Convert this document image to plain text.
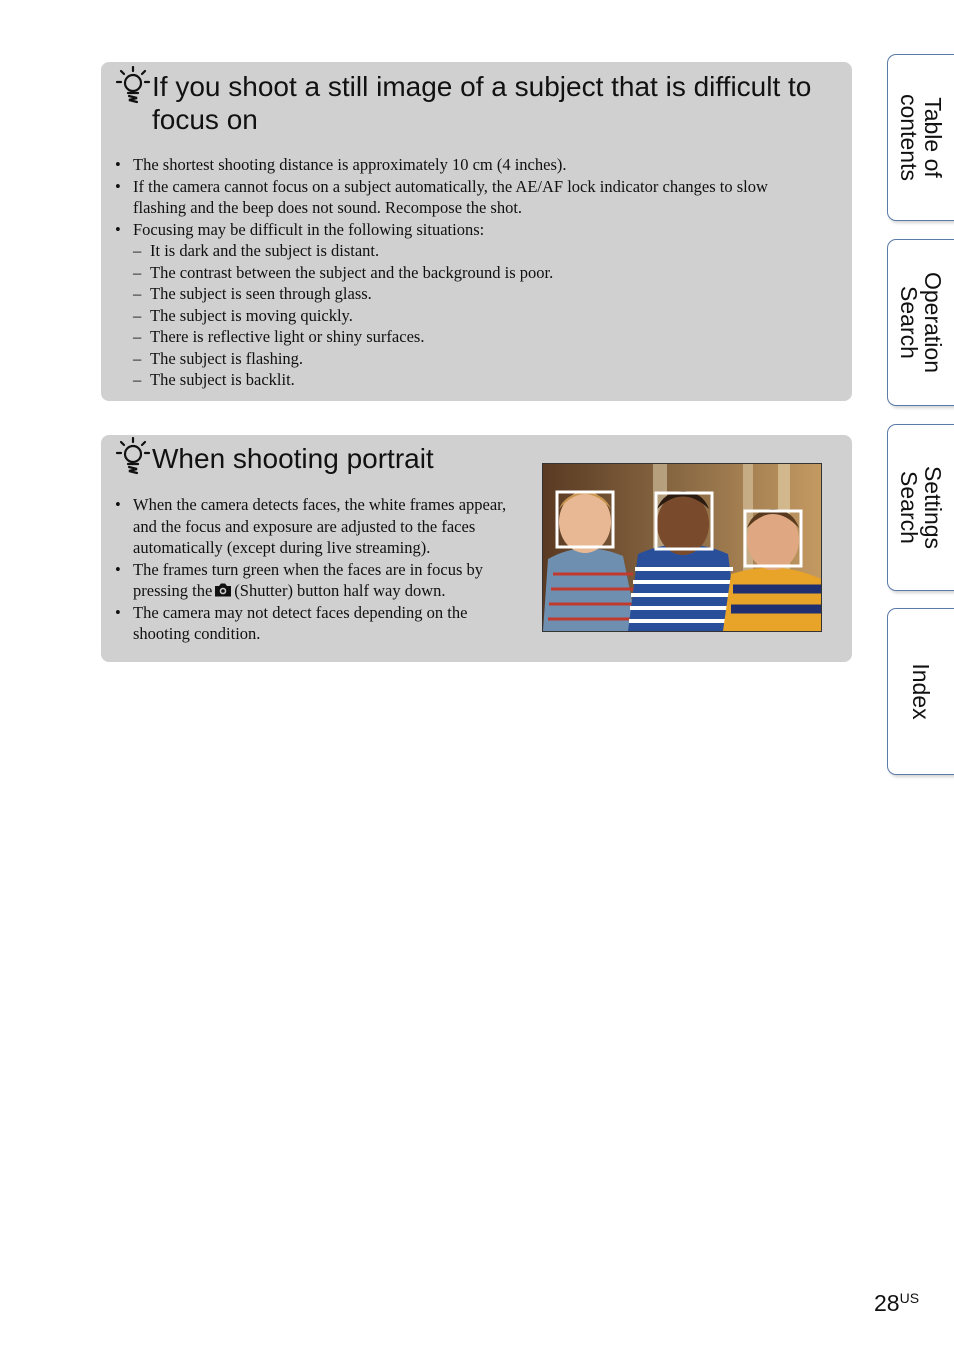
If you shoot a still image of a subject that is difficult to focus on
• The shortest shooting distance is approximately 10 cm (4 inches).
• If the camera cannot focus on a subject automatically, the AE/AF lock indicator changes to slow flashing and the beep does not sound. Recompose the shot.
• Focusing may be difficult in the following situations:
– It is dark and the subject is distant.
– The contrast between the subject and the background is poor.
– The subject is seen through glass.
– The subject is moving quickly.
– There is reflective light or shiny surfaces.
– The subject is flashing.
– The subject is backlit.
When shooting portrait
• When the camera detects faces, the white frames appear, and the focus and exposure are adjusted to the faces automatically (except during live streaming).
• The frames turn green when the faces are in focus by pressing the (Shutter) button half way down.
• The camera may not detect faces depending on the shooting condition.
Table of
contents
Operation
Search
Settings
Search
Index
$28^{US}$
